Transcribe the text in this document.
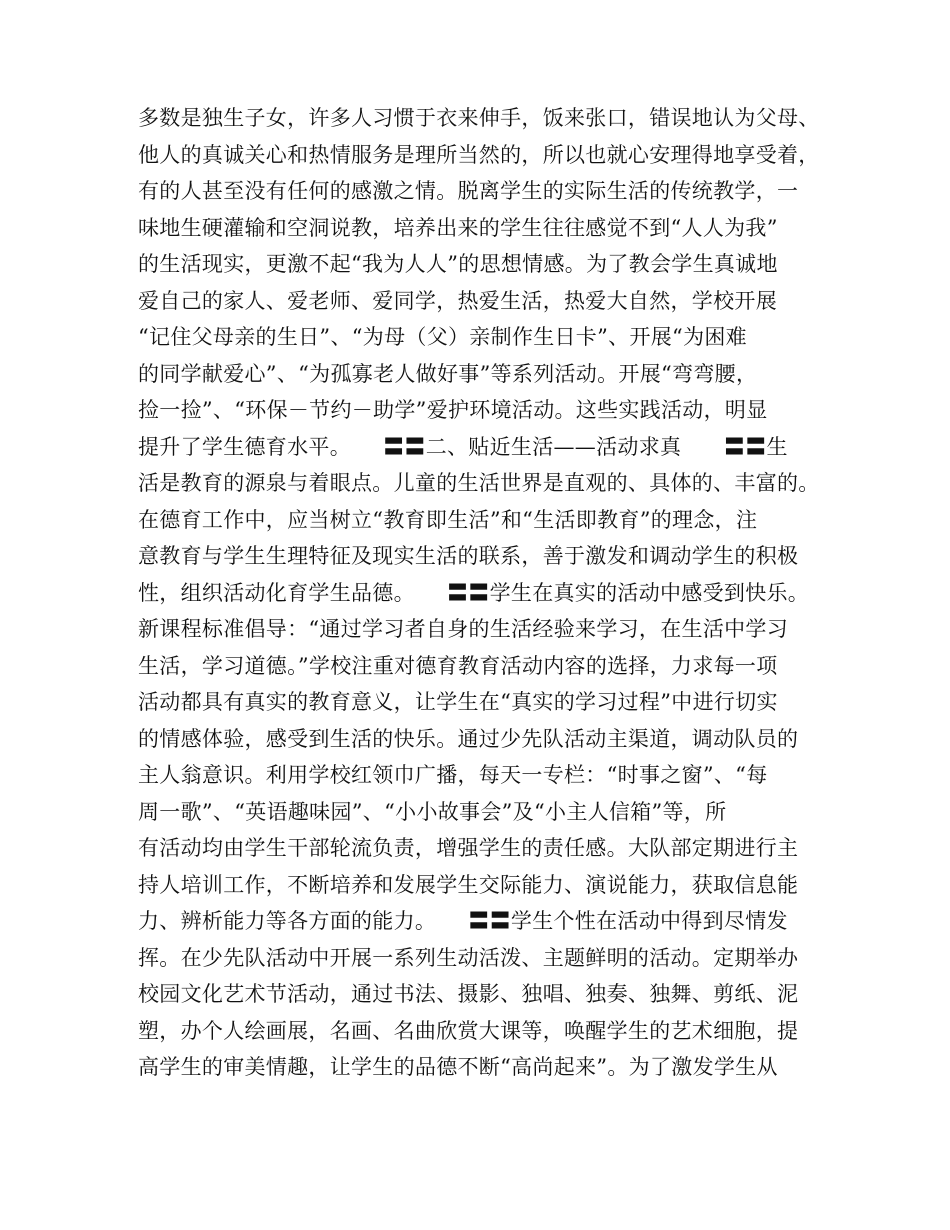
多数是独生子女，许多人习惯于衣来伸手，饭来张口，错误地认为父母、
他人的真诚关心和热情服务是理所当然的，所以也就心安理得地享受着，
有的人甚至没有任何的感激之情。脱离学生的实际生活的传统教学，一
味地生硬灌输和空洞说教，培养出来的学生往往感觉不到“人人为我”
的生活现实，更激不起“我为人人”的思想情感。为了教会学生真诚地
爱自己的家人、爱老师、爱同学，热爱生活，热爱大自然，学校开展
“记住父母亲的生日”、“为母（父）亲制作生日卡”、开展“为困难
的同学献爱心”、“为孤寡老人做好事”等系列活动。开展“弯弯腰，
捡一捡”、“环保－节约－助学”爱护环境活动。这些实践活动，明显
提升了学生德育水平。　　〓〓二、贴近生活——活动求真　　〓〓生
活是教育的源泉与着眼点。儿童的生活世界是直观的、具体的、丰富的。
在德育工作中，应当树立“教育即生活”和“生活即教育”的理念，注
意教育与学生生理特征及现实生活的联系，善于激发和调动学生的积极
性，组织活动化育学生品德。　　〓〓学生在真实的活动中感受到快乐。
新课程标准倡导：“通过学习者自身的生活经验来学习，在生活中学习
生活，学习道德。”学校注重对德育教育活动内容的选择，力求每一项
活动都具有真实的教育意义，让学生在“真实的学习过程”中进行切实
的情感体验，感受到生活的快乐。通过少先队活动主渠道，调动队员的
主人翁意识。利用学校红领巾广播，每天一专栏：“时事之窗”、“每
周一歌”、“英语趣味园”、“小小故事会”及“小主人信箱”等，所
有活动均由学生干部轮流负责，增强学生的责任感。大队部定期进行主
持人培训工作，不断培养和发展学生交际能力、演说能力，获取信息能
力、辨析能力等各方面的能力。　　〓〓学生个性在活动中得到尽情发
挥。在少先队活动中开展一系列生动活泼、主题鲜明的活动。定期举办
校园文化艺术节活动，通过书法、摄影、独唱、独奏、独舞、剪纸、泥
塑，办个人绘画展，名画、名曲欣赏大课等，唤醒学生的艺术细胞，提
高学生的审美情趣，让学生的品德不断“高尚起来”。为了激发学生从
